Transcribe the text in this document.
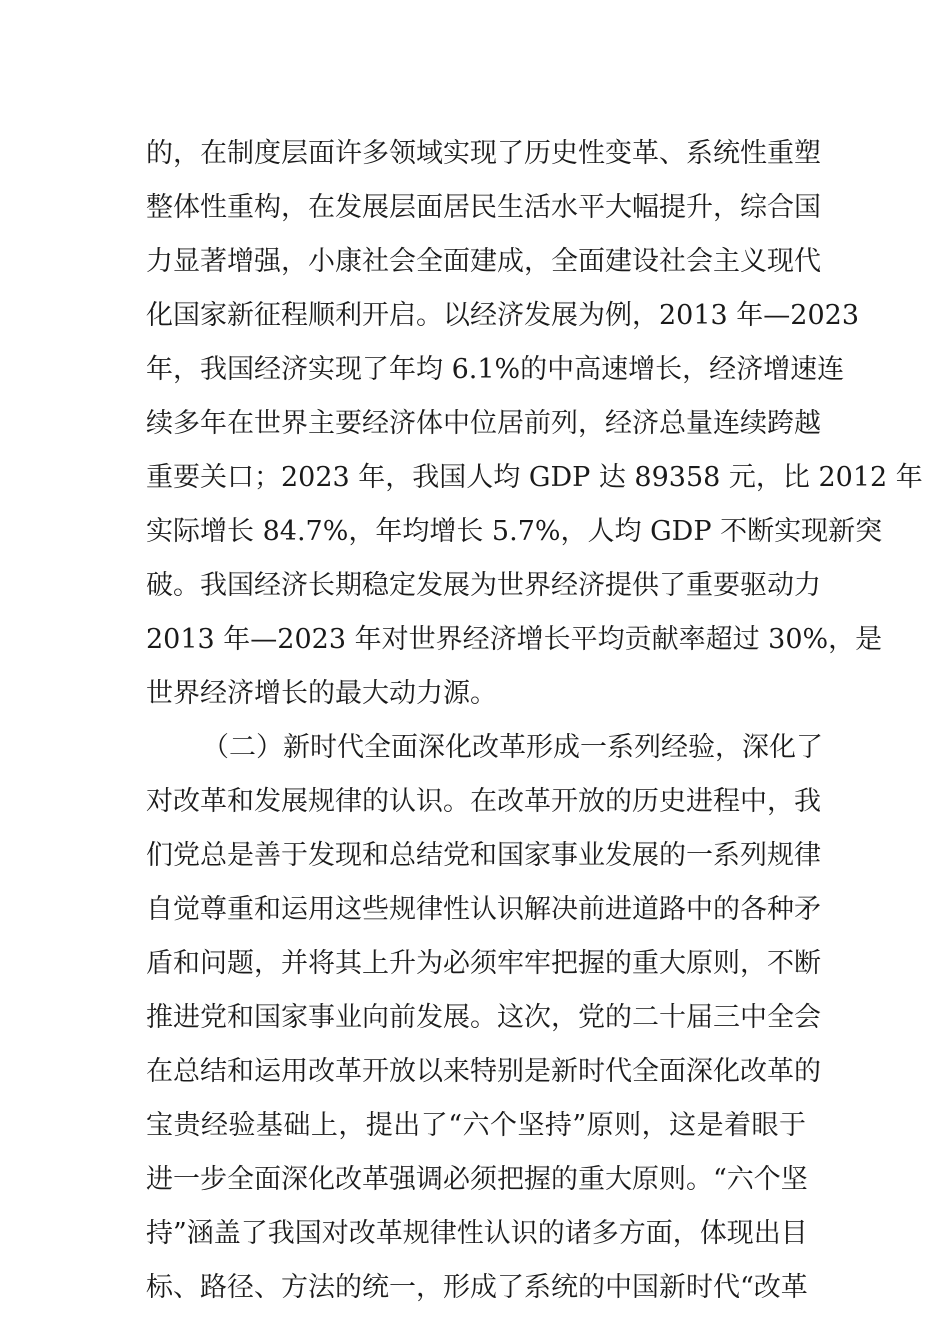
的，在制度层面许多领域实现了历史性变革、系统性重塑
整体性重构，在发展层面居民生活水平大幅提升，综合国
力显著增强，小康社会全面建成，全面建设社会主义现代
化国家新征程顺利开启。以经济发展为例，2013 年—2023
年，我国经济实现了年均 6.1%的中高速增长，经济增速连
续多年在世界主要经济体中位居前列，经济总量连续跨越
重要关口；2023 年，我国人均 GDP 达 89358 元，比 2012 年
实际增长 84.7%，年均增长 5.7%，人均 GDP 不断实现新突
破。我国经济长期稳定发展为世界经济提供了重要驱动力
2013 年—2023 年对世界经济增长平均贡献率超过 30%，是
世界经济增长的最大动力源。
（二）新时代全面深化改革形成一系列经验，深化了
对改革和发展规律的认识。在改革开放的历史进程中，我
们党总是善于发现和总结党和国家事业发展的一系列规律
自觉尊重和运用这些规律性认识解决前进道路中的各种矛
盾和问题，并将其上升为必须牢牢把握的重大原则，不断
推进党和国家事业向前发展。这次，党的二十届三中全会
在总结和运用改革开放以来特别是新时代全面深化改革的
宝贵经验基础上，提出了“六个坚持”原则，这是着眼于
进一步全面深化改革强调必须把握的重大原则。“六个坚
持”涵盖了我国对改革规律性认识的诸多方面，体现出目
标、路径、方法的统一，形成了系统的中国新时代“改革
